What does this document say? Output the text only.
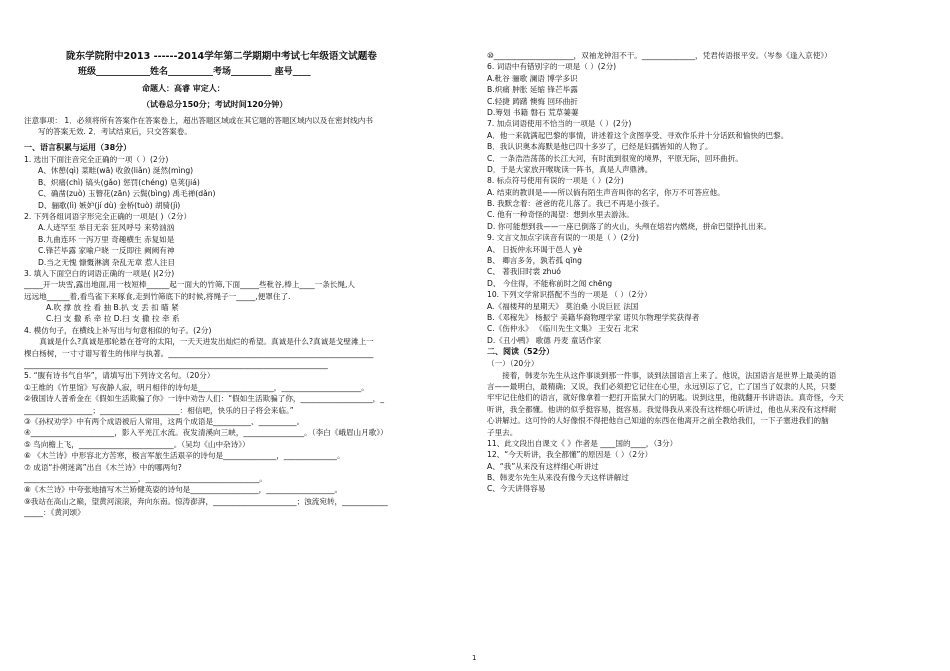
陇东学院附中2013 ------2014学年第二学期期中考试七年级语文试题卷
班级____________姓名__________考场_________ 座号____
命题人：高睿 审定人：
（试卷总分150分；考试时间120分钟）

注意事项： 1．必须将所有答案作在答案卷上，超出答题区域或在其它题的答题区域内以及在密封线内书

写的答案无效. 2．考试结束后，只交答案卷。

一、语言积累与运用（38分）

1. 选出下面注音完全正确的一项（ ）(2分)

A、休憩(qì) 菜畦(wā) 收敛(liǎn) 涎然(mìng)

B、炽痛(chì) 镐头(gǎo) 惩罚(chéng) 皂荚(jiá)

C、确凿(zuò) 玉簪花(zān) 云鬓(bìng) 禹毛禅(dǎn)

D、骊歌(lì) 嫉妒(jí dù) 金桥(tuò) 胡骑(jì)

2. 下列各组词语字形完全正确的一项是( )（2分）

A.人迹罕至 举目无亲 狂风呼号 来势汹汹

B.九曲连环 一泻万里 奇趣横生 赤复如是

C.锋芒毕露 家喻户晓 一反即往 阙阙有神

D.当之无愧 慷慨淋漓 杂乱无章 惹人注目

3. 填入下面空白的词语正确的一项是( )(2分)

_____开一块雪,露出地面,用一枝短棒______起一面大的竹筛,下面_____些秕谷,棒上____一条长绳,人

远远地______着,看鸟雀下来啄食,走到竹筛底下的时候,将绳子一_____,便罩住了.

A.吹 撑 放 拴 看 抽 B.扒 支 丢 扣 瞄 紧

C.扫 支 撒 系 牵 拉 D.扫 支 撒 拉 牵 系

4. 模仿句子，在横线上补写出与句意相似的句子。(2分)

真诚是什么?真诚是那轮悬在苍穹的太阳，一天天进发出灿烂的希望。真诚是什么?真诚是戈壁滩上一

棵白杨树，一寸寸谱写着生的伟岸与执著。______________________________________________________

________________________________________________________________________________

5. “腹有诗书气自华”，请填写出下列诗文名句。（20分）

①王维的《竹里馆》写夜静人寂，明月相伴的诗句是____________________，_____________________。

②俄国诗人普希金在《假如生活欺骗了你》一诗中劝告人们：“假如生活欺骗了你，___________________，_

__________________；_____________________：相信吧，快乐的日子将会来临。”

③《孙权劝学》中有两个成语被后人常用，这两个成语是__________、__________。

④______________________，影入平羌江水流。夜发清溪向三峡，________________。（李白《峨眉山月歌》）

⑤ 鸟向檐上飞，_________________________。（吴均《山中杂诗》）

⑥ 《木兰诗》中形容北方苦寒，极言军旅生活艰辛的诗句是______________，______________。

⑦ 成语“扑朔迷离”出自《木兰诗》中的哪两句?

______________________________，______________________________。

⑧《木兰诗》中夸张地描写木兰矫健英姿的诗句是__________________，__________________。

⑨我站在高山之巅，望黄河滚滚，奔向东南。惊涛澎湃，______________________；浊流宛转，____________

_____：《黄河颂》

⑩_____________________，双袖龙钟泪不干。______________，凭君传语报平安。（岑参《逢入京使》）

6. 词语中有错别字的一项是（ ）(2分)

A.秕谷 骊歌 澜语 博学多识

B.炽痛 肿胀 延缩 锋芒毕露

C.轻捷 踌躇 懊悔 回环曲折

D.筹划 书籍 磐石 荒草萋萋

7. 加点词语使用不恰当的一项是（ ）(2分)

A．他一来就满起巴黎的事情，讲述着这个贪图享受、寻欢作乐并十分话跃和愉快的巴黎。

B．我认识奥本海默是他已四十多岁了，已经是妇孺皆知的人物了。

C．一条浩浩荡荡的长江大河，有时流到很宽的境界，平原无际，回环曲折。

D．于是大家放开喉咙读一阵书，真是人声鼎沸。

8. 标点符号使用有误的一项是（ ）(2分)

A. 结束的教训是——所以倘有陌生声音叫你的名字，你万不可答应他。

B. 我默念着：爸爸的花儿落了。我已不再是小孩子。

C. 他有一种奇怪的渴望：想到水里去游泳。

D. 你可能想到我——一座已倒落了的火山，头颅在熔岩内燃烧，拼命巴望挣扎出来。

9. 文言文加点字读音有误的一项是（ ）(2分)

A、 日扳仲永环谒于邑人 yè

B、 卿言多务，孰若孤 qīng

C、 著我旧时裳 zhuó

D、 今住得，不能称前时之闻 chēng

10. 下列文学常识搭配不当的一项是 （ ）（2分）

A.《福楼拜的星期天》 莫泊桑 小说巨匠 法国

B.《邓稼先》 杨振宁 美籍华裔物理学家 诺贝尔物理学奖获得者

C.《伤仲永》 《临川先生文集》 王安石 北宋

D.《丑小鸭》 歌德 丹麦 童话作家

二、阅读（52分）

（一）（20分）

接着，韩麦尔先生从这件事谈到那一件事，谈到法国语言上来了。他说，法国语言是世界上最美的语

言——最明白，最精确；又说，我们必须把它记住在心里，永远别忘了它，亡了国当了奴隶的人民，只要

牢牢记住他们的语言，就好像拿着一把打开监狱大门的钥匙。说到这里，他就翻开书讲语法。真奇怪，今天

听讲，我全都懂。他讲的似乎挺容易，挺容易。我觉得我从来没有这样细心听讲过，他也从来没有这样耐

心讲解过。这可怜的人好像恨不得把他自己知道的东西在他离开之前全教给我们，一下子塞进我们的脑

子里去。

11、此文段出自课文《 》作者是 ____国的____，（3分）

12、“今天听讲，我全都懂”的原因是（ ）（2分）

A、“我”从来没有这样细心听讲过

B、韩麦尔先生从来没有像今天这样讲解过

C、今天讲得容易

1
